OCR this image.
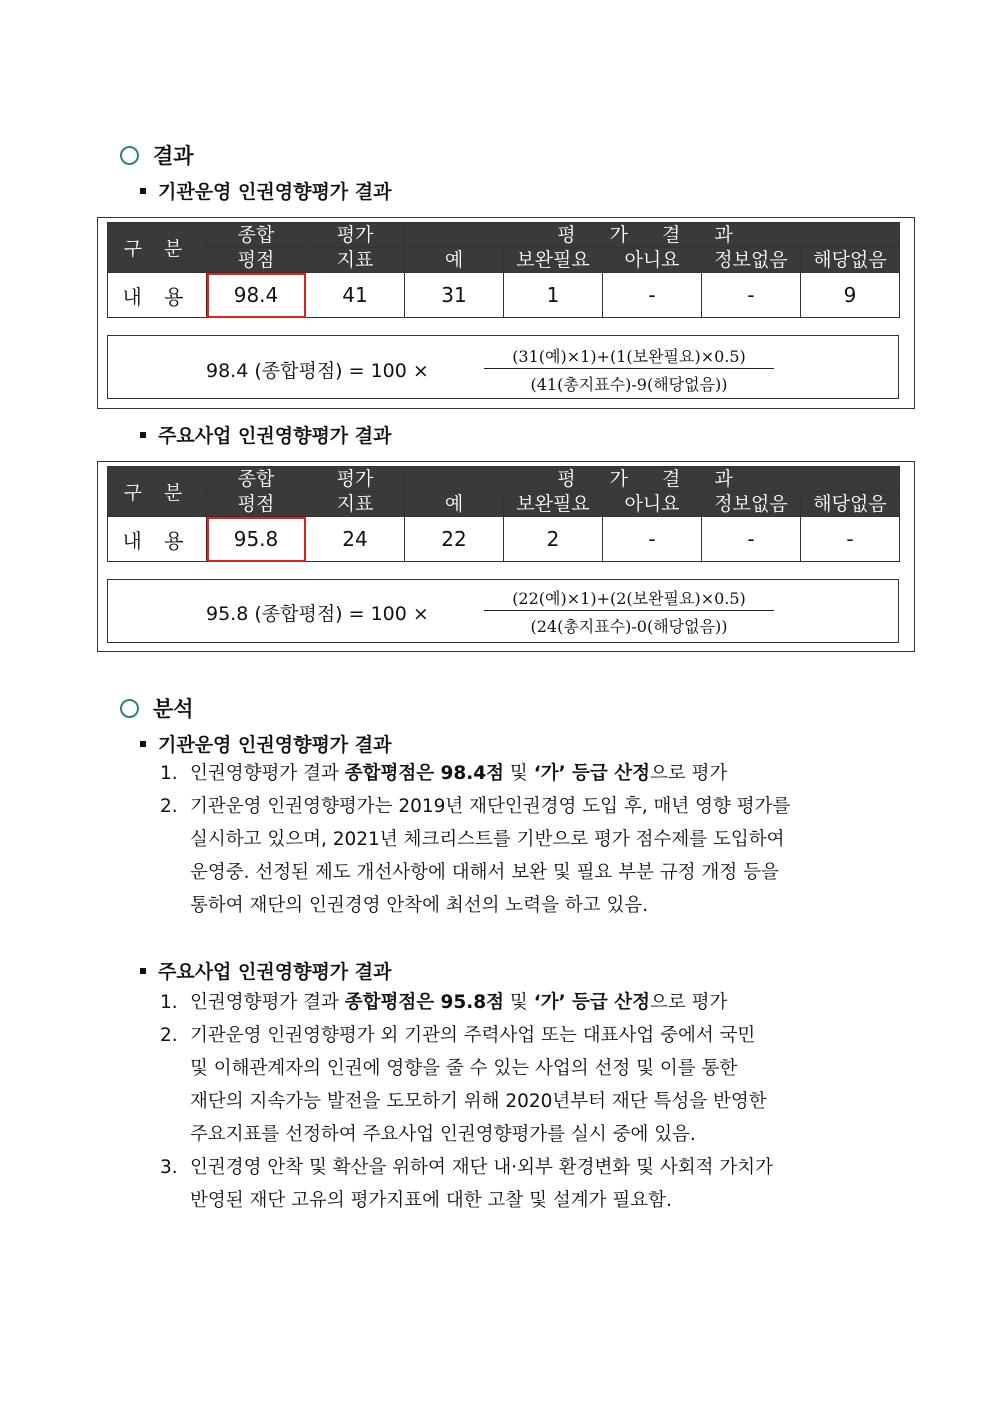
결과
기관운영 인권영향평가 결과
구 분	종합	평가	평 가 결 과				
	평점	지표	예	보완필요	아니요	정보없음	해당없음
내 용	98.4	41	31	1	-	-	9
98.4 (종합평점) = 100 ×
(31(예)×1)+(1(보완필요)×0.5)
(41(총지표수)-9(해당없음))
주요사업 인권영향평가 결과
구 분	종합	평가	평 가 결 과				
	평점	지표	예	보완필요	아니요	정보없음	해당없음
내 용	95.8	24	22	2	-	-	-
95.8 (종합평점) = 100 ×
(22(예)×1)+(2(보완필요)×0.5)
(24(총지표수)-0(해당없음))
분석
기관운영 인권영향평가 결과
1. 인권영향평가 결과 종합평점은 98.4점 및 ‘가’ 등급 산정으로 평가
2. 기관운영 인권영향평가는 2019년 재단인권경영 도입 후, 매년 영향 평가를
실시하고 있으며, 2021년 체크리스트를 기반으로 평가 점수제를 도입하여
운영중. 선정된 제도 개선사항에 대해서 보완 및 필요 부분 규정 개정 등을
통하여 재단의 인권경영 안착에 최선의 노력을 하고 있음.
주요사업 인권영향평가 결과
1. 인권영향평가 결과 종합평점은 95.8점 및 ‘가’ 등급 산정으로 평가
2. 기관운영 인권영향평가 외 기관의 주력사업 또는 대표사업 중에서 국민
및 이해관계자의 인권에 영향을 줄 수 있는 사업의 선정 및 이를 통한
재단의 지속가능 발전을 도모하기 위해 2020년부터 재단 특성을 반영한
주요지표를 선정하여 주요사업 인권영향평가를 실시 중에 있음.
3. 인권경영 안착 및 확산을 위하여 재단 내·외부 환경변화 및 사회적 가치가
반영된 재단 고유의 평가지표에 대한 고찰 및 설계가 필요함.
